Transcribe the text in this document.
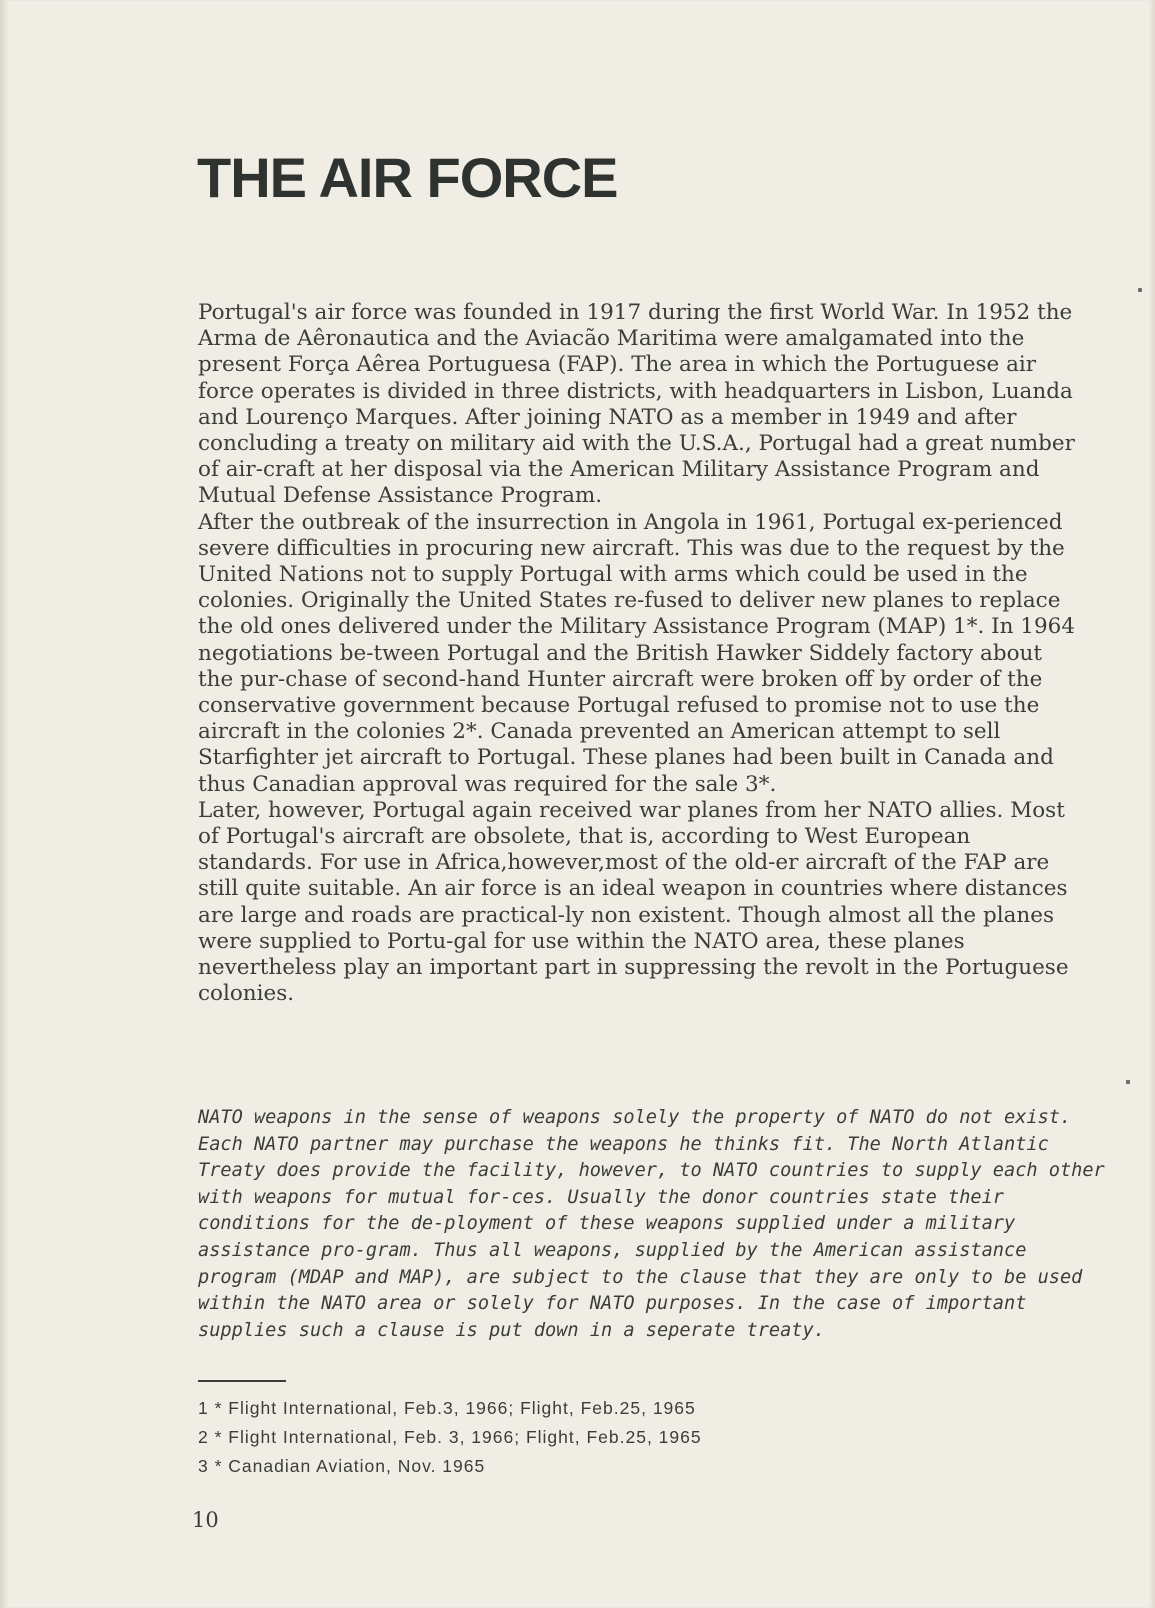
THE AIR FORCE

Portugal's air force was founded in 1917 during the first World War. In 1952 the Arma de Aêronautica and the Aviacão Maritima were amalgamated into the present Força Aêrea Portuguesa (FAP). The area in which the Portuguese air force operates is divided in three districts, with headquarters in Lisbon, Luanda and Lourenço Marques. After joining NATO as a member in 1949 and after concluding a treaty on military aid with the U.S.A., Portugal had a great number of air-craft at her disposal via the American Military Assistance Program and Mutual Defense Assistance Program.

After the outbreak of the insurrection in Angola in 1961, Portugal ex-perienced severe difficulties in procuring new aircraft. This was due to the request by the United Nations not to supply Portugal with arms which could be used in the colonies. Originally the United States re-fused to deliver new planes to replace the old ones delivered under the Military Assistance Program (MAP) 1*. In 1964 negotiations be-tween Portugal and the British Hawker Siddely factory about the pur-chase of second-hand Hunter aircraft were broken off by order of the conservative government because Portugal refused to promise not to use the aircraft in the colonies 2*. Canada prevented an American attempt to sell Starfighter jet aircraft to Portugal. These planes had been built in Canada and thus Canadian approval was required for the sale 3*.

Later, however, Portugal again received war planes from her NATO allies. Most of Portugal's aircraft are obsolete, that is, according to West European standards. For use in Africa,however,most of the old-er aircraft of the FAP are still quite suitable. An air force is an ideal weapon in countries where distances are large and roads are practical-ly non existent. Though almost all the planes were supplied to Portu-gal for use within the NATO area, these planes nevertheless play an important part in suppressing the revolt in the Portuguese colonies.

NATO weapons in the sense of weapons solely the property of NATO do not exist. Each NATO partner may purchase the weapons he thinks fit. The North Atlantic Treaty does provide the facility, however, to NATO countries to supply each other with weapons for mutual for-ces. Usually the donor countries state their conditions for the de-ployment of these weapons supplied under a military assistance pro-gram. Thus all weapons, supplied by the American assistance program (MDAP and MAP), are subject to the clause that they are only to be used within the NATO area or solely for NATO purposes. In the case of important supplies such a clause is put down in a seperate treaty.

1 * Flight International, Feb.3, 1966; Flight, Feb.25, 1965
2 * Flight International, Feb. 3, 1966; Flight, Feb.25, 1965
3 * Canadian Aviation, Nov. 1965
10
